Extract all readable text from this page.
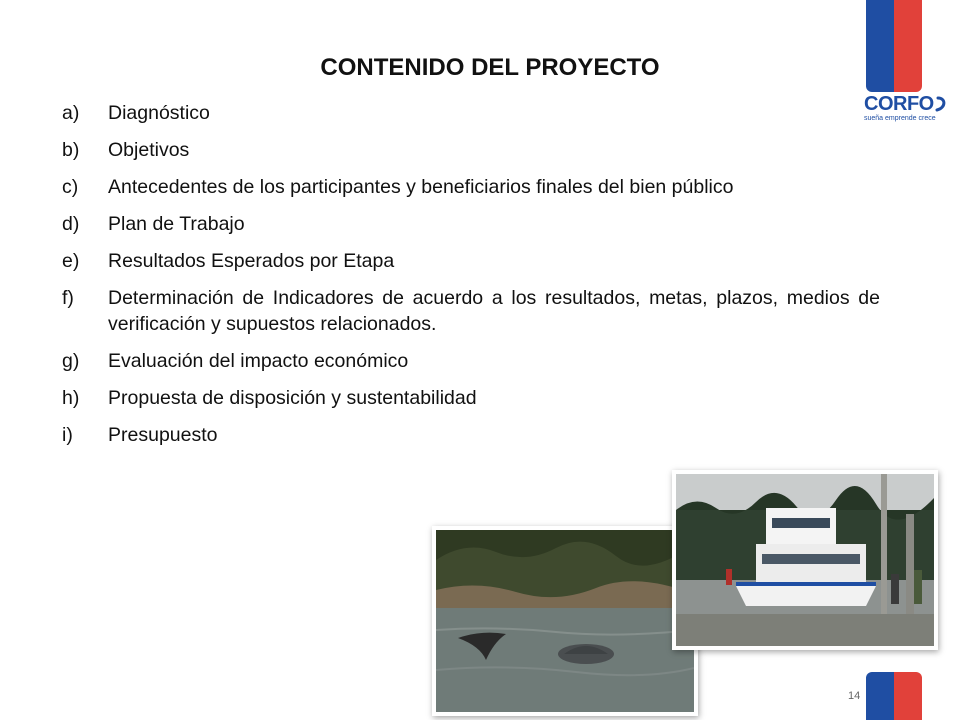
CORFO
sueña emprende crece
CONTENIDO DEL PROYECTO
a)	Diagnóstico
b)	Objetivos
c)	Antecedentes de los participantes y beneficiarios finales del bien público
d)	Plan de Trabajo
e)	Resultados Esperados por Etapa
f)	Determinación de Indicadores de acuerdo a los resultados, metas, plazos, medios de verificación y supuestos relacionados.
g)	Evaluación del impacto económico
h)	Propuesta de disposición y sustentabilidad
i)	Presupuesto
14
